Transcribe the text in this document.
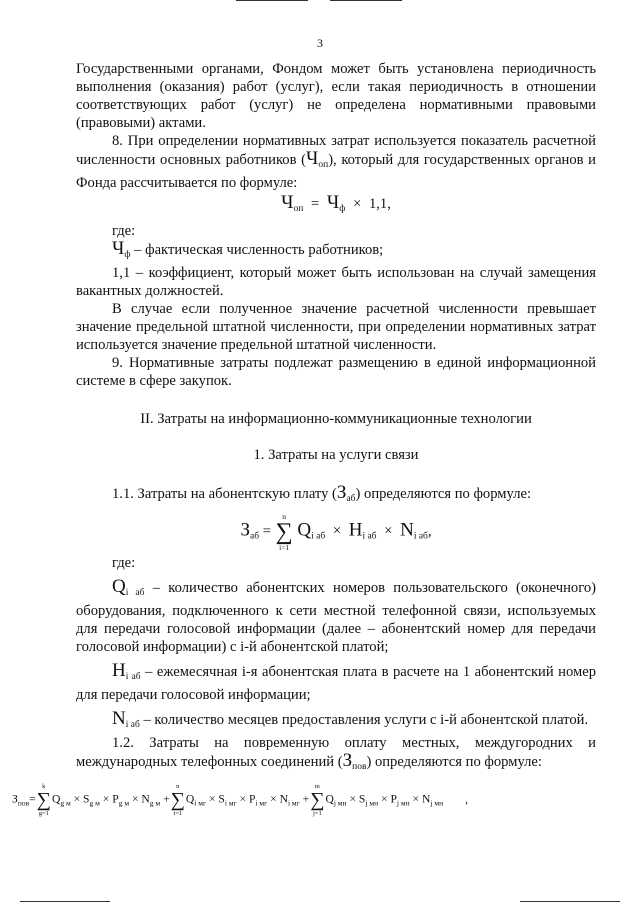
3

Государственными органами, Фондом может быть установлена периодичность выполнения (оказания) работ (услуг), если такая периодичность в отношении соответствующих работ (услуг) не определена нормативными правовыми (правовыми) актами.

8. При определении нормативных затрат используется показатель расчетной численности основных работников $(Ч_{оп})$, который для государственных органов и Фонда рассчитывается по формуле:

$Ч_{оп} = Ч_ф \times 1,1$,

где:

$Ч_ф$ – фактическая численность работников;

1,1 – коэффициент, который может быть использован на случай замещения вакантных должностей.

В случае если полученное значение расчетной численности превышает значение предельной штатной численности, при определении нормативных затрат используется значение предельной штатной численности.

9. Нормативные затраты подлежат размещению в единой информационной системе в сфере закупок.

II. Затраты на информационно-коммуникационные технологии

1. Затраты на услуги связи

1.1. Затраты на абонентскую плату $(З_{аб})$ определяются по формуле:

$З_{аб}$ =
n
∑
i=1
$Q_{i аб} \times H_{i аб} \times N_{i аб}$,

где:

$Q_{i аб}$ – количество абонентских номеров пользовательского (оконечного) оборудования, подключенного к сети местной телефонной связи, используемых для передачи голосовой информации (далее – абонентский номер для передачи голосовой информации) с i-й абонентской платой;

$H_{i аб}$ – ежемесячная i-я абонентская плата в расчете на 1 абонентский номер для передачи голосовой информации;

$N_{i аб}$ – количество месяцев предоставления услуги с i-й абонентской платой.

1.2. Затраты на повременную оплату местных, междугородних и международных телефонных соединений $(З_{пов})$ определяются по формуле:

$З_{пов}=$
k
∑
g=1
$Q_{g м} \times S_{g м} \times P_{g м} \times N_{g м}$ +
n
∑
i=1
$Q_{i мг} \times S_{i мг} \times P_{i мг} \times N_{i мг}$ +
m
∑
j=1
$Q_{j мн} \times S_{j мн} \times P_{j мн} \times N_{j мн}$ ,
